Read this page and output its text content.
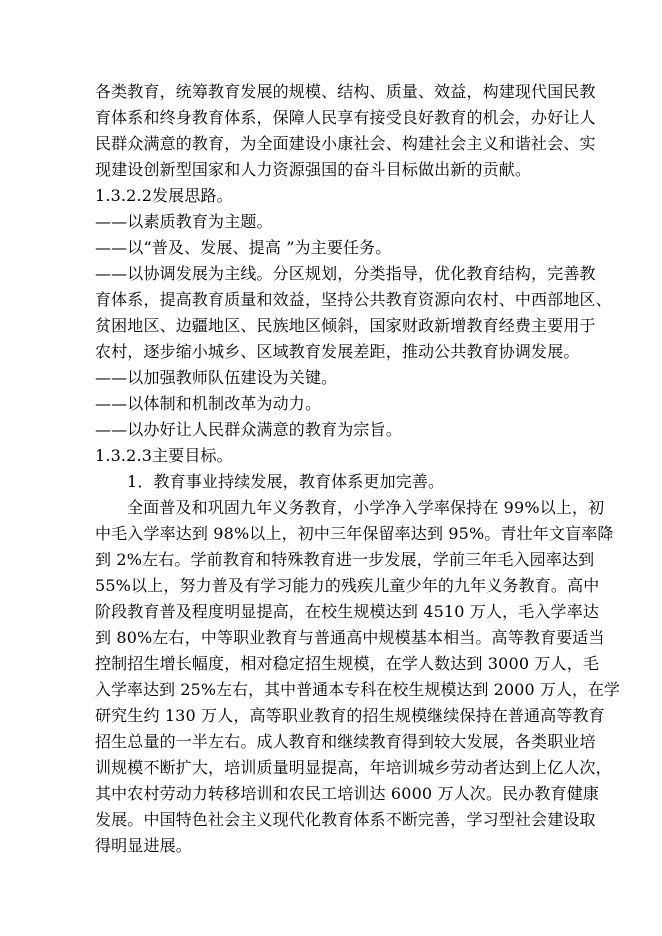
各类教育，统筹教育发展的规模、结构、质量、效益，构建现代国民教
育体系和终身教育体系，保障人民享有接受良好教育的机会，办好让人
民群众满意的教育，为全面建设小康社会、构建社会主义和谐社会、实
现建设创新型国家和人力资源强国的奋斗目标做出新的贡献。
1.3.2.2发展思路。
——以素质教育为主题。
——以“普及、发展、提高 ”为主要任务。
——以协调发展为主线。分区规划，分类指导，优化教育结构，完善教
育体系，提高教育质量和效益，坚持公共教育资源向农村、中西部地区、
贫困地区、边疆地区、民族地区倾斜，国家财政新增教育经费主要用于
农村，逐步缩小城乡、区域教育发展差距，推动公共教育协调发展。
——以加强教师队伍建设为关键。
——以体制和机制改革为动力。
——以办好让人民群众满意的教育为宗旨。
1.3.2.3主要目标。
1．教育事业持续发展，教育体系更加完善。
全面普及和巩固九年义务教育，小学净入学率保持在 99%以上，初
中毛入学率达到 98%以上，初中三年保留率达到 95%。青壮年文盲率降
到 2%左右。学前教育和特殊教育进一步发展，学前三年毛入园率达到
55%以上，努力普及有学习能力的残疾儿童少年的九年义务教育。高中
阶段教育普及程度明显提高，在校生规模达到 4510 万人，毛入学率达
到 80%左右，中等职业教育与普通高中规模基本相当。高等教育要适当
控制招生增长幅度，相对稳定招生规模，在学人数达到 3000 万人，毛
入学率达到 25%左右，其中普通本专科在校生规模达到 2000 万人，在学
研究生约 130 万人，高等职业教育的招生规模继续保持在普通高等教育
招生总量的一半左右。成人教育和继续教育得到较大发展，各类职业培
训规模不断扩大，培训质量明显提高，年培训城乡劳动者达到上亿人次，
其中农村劳动力转移培训和农民工培训达 6000 万人次。民办教育健康
发展。中国特色社会主义现代化教育体系不断完善，学习型社会建设取
得明显进展。
